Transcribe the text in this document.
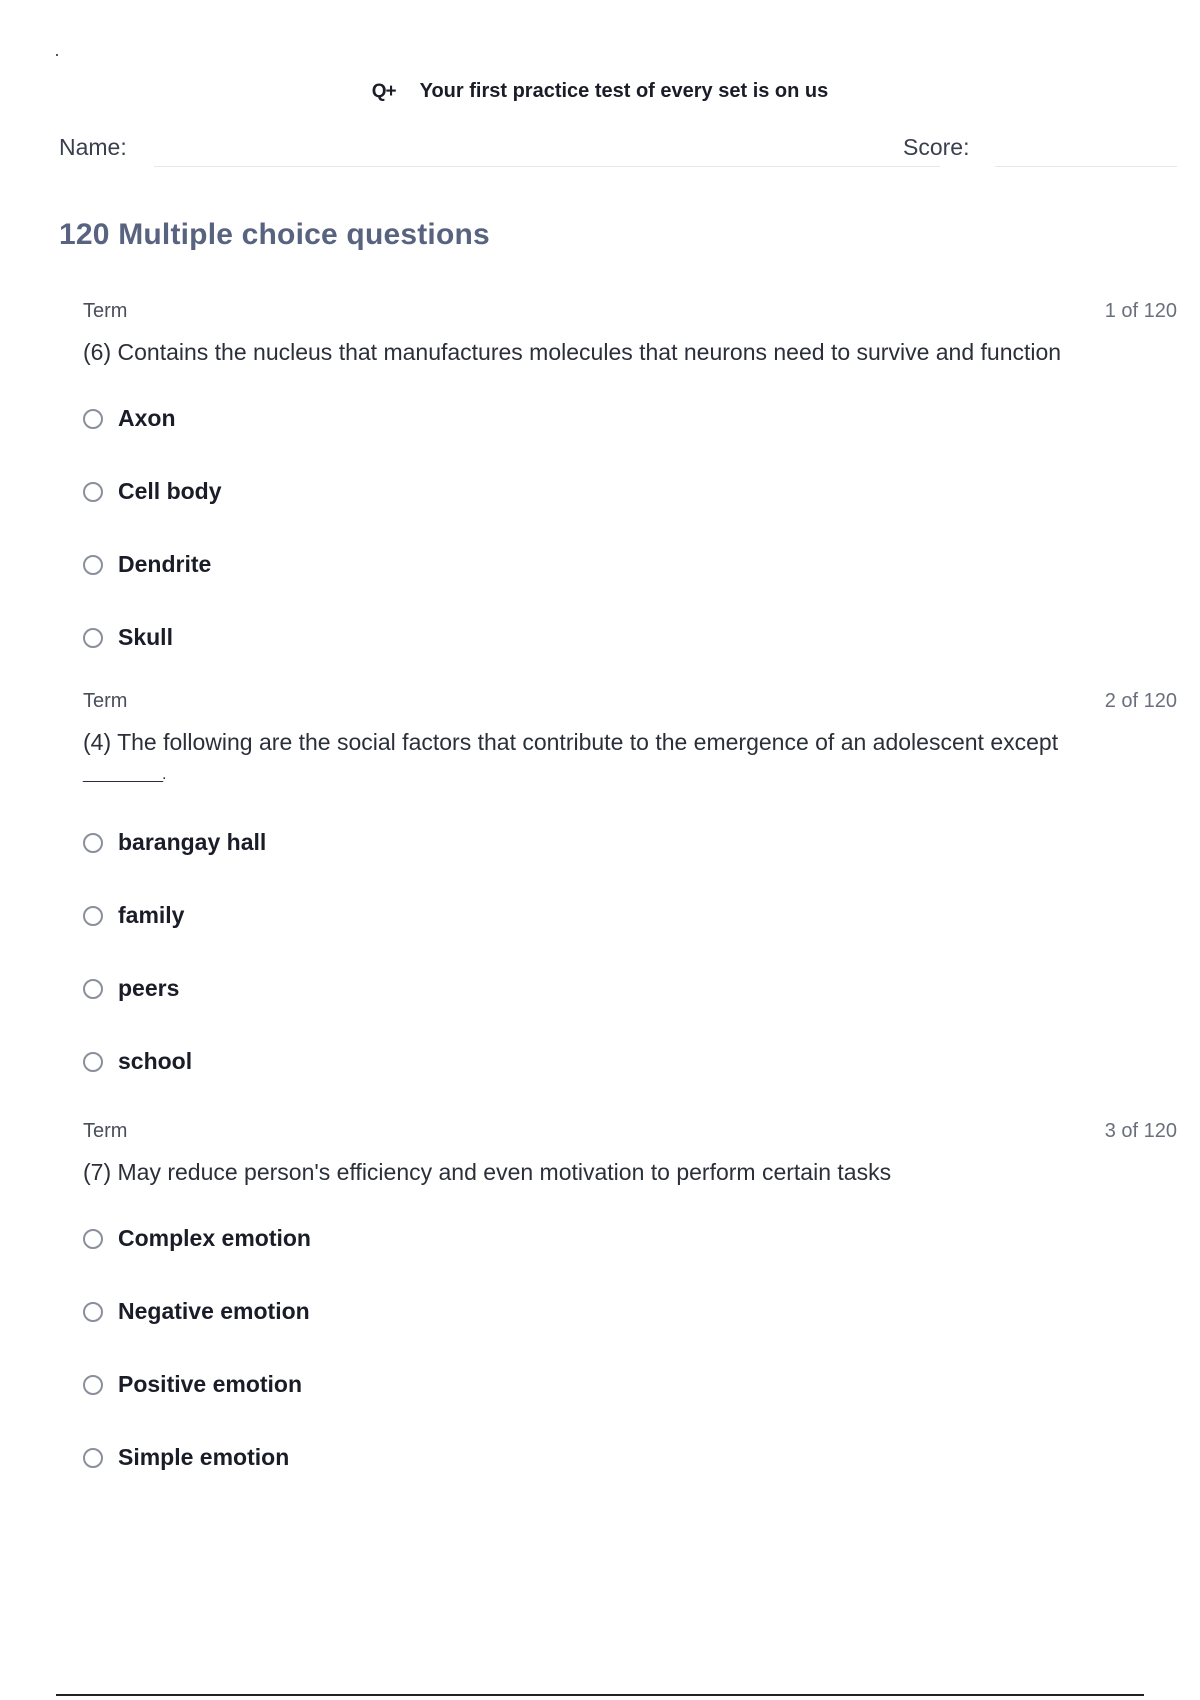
Q+ Your first practice test of every set is on us
Name:	Score:
120 Multiple choice questions
Term	1 of 120
(6) Contains the nucleus that manufactures molecules that neurons need to survive and function
Axon
Cell body
Dendrite
Skull
Term	2 of 120
(4) The following are the social factors that contribute to the emergence of an adolescent except
__________.
barangay hall
family
peers
school
Term	3 of 120
(7) May reduce person's efficiency and even motivation to perform certain tasks
Complex emotion
Negative emotion
Positive emotion
Simple emotion
